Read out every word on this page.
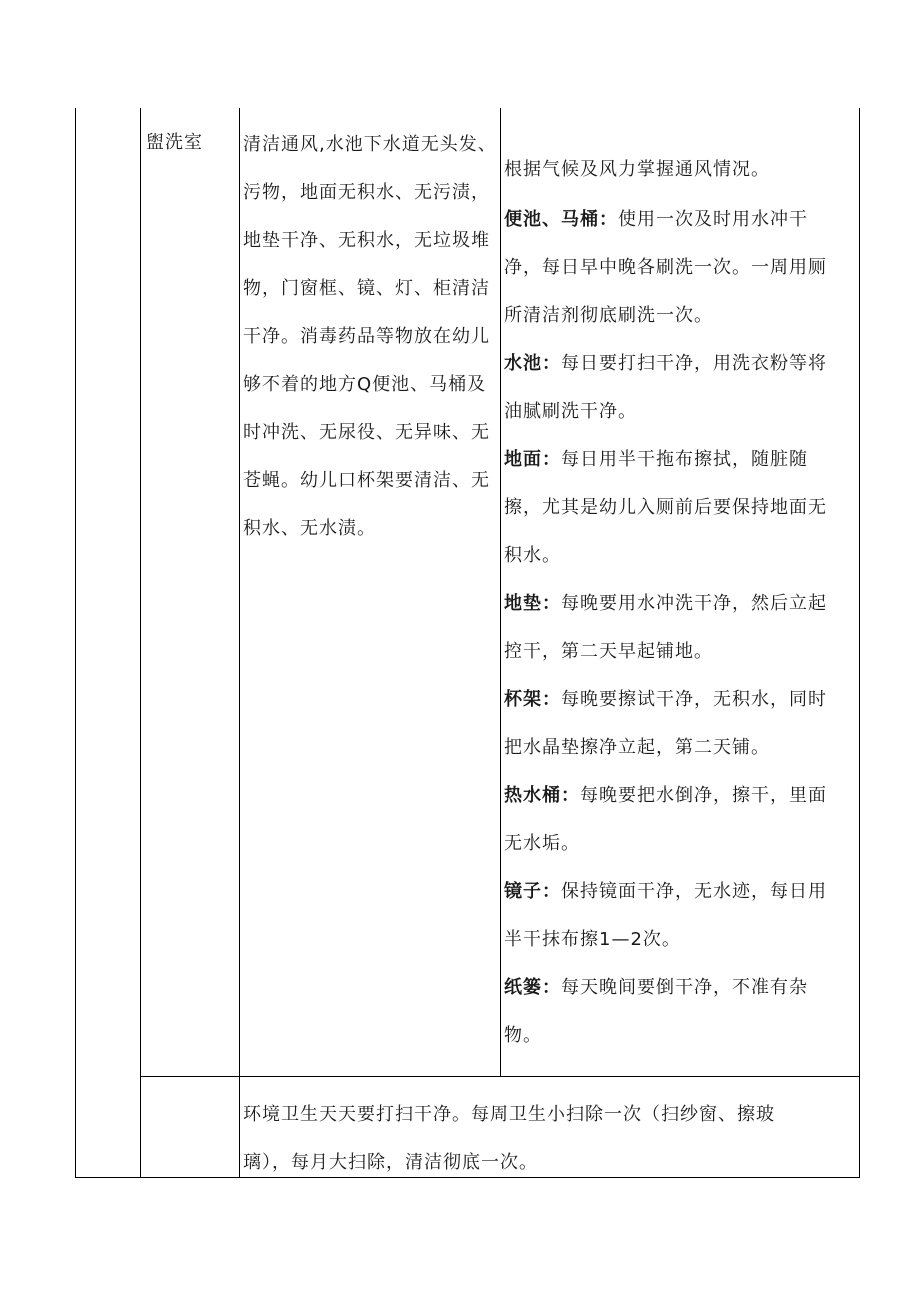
盥洗室 清洁通风,水池下水道无头发、

污物，地面无积水、无污渍，

地垫干净、无积水，无垃圾堆

物，门窗框、镜、灯、柜清洁

干净。消毒药品等物放在幼儿

够不着的地方Q便池、马桶及

时冲洗、无尿役、无异味、无

苍蝇。幼儿口杯架要清洁、无

积水、无水渍。

根据气候及风力掌握通风情况。

便池、马桶：使用一次及时用水冲干

净，每日早中晚各刷洗一次。一周用厕

所清洁剂彻底刷洗一次。

水池：每日要打扫干净，用洗衣粉等将

油腻刷洗干净。

地面：每日用半干拖布擦拭，随脏随

擦，尤其是幼儿入厕前后要保持地面无

积水。

地垫：每晚要用水冲洗干净，然后立起

控干，第二天早起铺地。

杯架：每晚要擦试干净，无积水，同时

把水晶垫擦净立起，第二天铺。

热水桶：每晚要把水倒净，擦干，里面

无水垢。

镜子：保持镜面干净，无水迹，每日用

半干抹布擦1—2次。

纸篓：每天晚间要倒干净，不准有杂

物。

环境卫生天天要打扫干净。每周卫生小扫除一次（扫纱窗、擦玻
璃），每月大扫除，清洁彻底一次。
